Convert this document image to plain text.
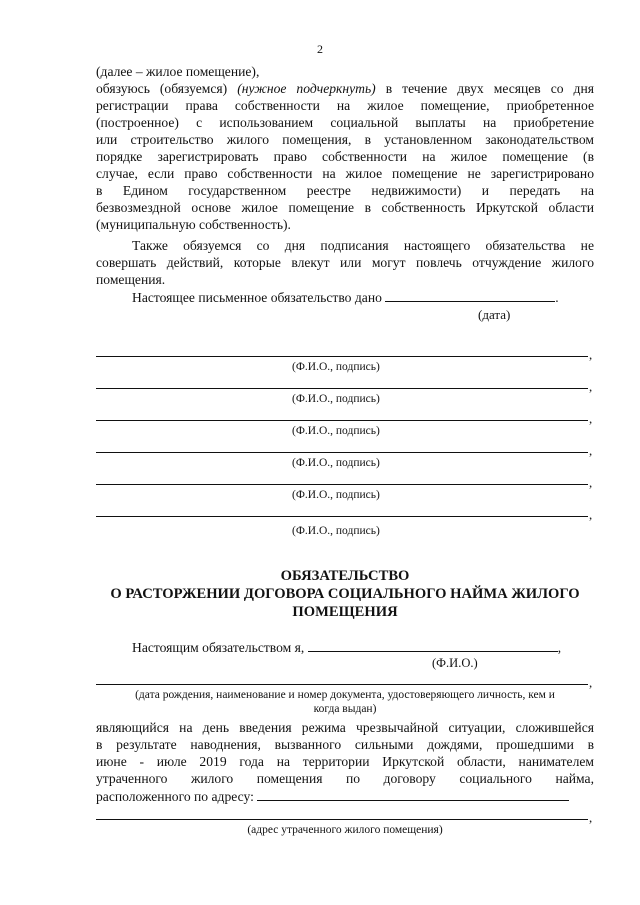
2
(далее – жилое помещение),
обязуюсь (обязуемся) (нужное подчеркнуть) в течение двух месяцев со дня
регистрации права собственности на жилое помещение, приобретенное
(построенное) с использованием социальной выплаты на приобретение
или строительство жилого помещения, в установленном законодательством
порядке зарегистрировать право собственности на жилое помещение (в
случае, если право собственности на жилое помещение не зарегистрировано
в Едином государственном реестре недвижимости) и передать на
безвозмездной основе жилое помещение в собственность Иркутской области
(муниципальную собственность).
Также обязуемся со дня подписания настоящего обязательства не
совершать действий, которые влекут или могут повлечь отчуждение жилого
помещения.
Настоящее письменное обязательство дано	.
(дата)
,
(Ф.И.О., подпись)
,
(Ф.И.О., подпись)
,
(Ф.И.О., подпись)
,
(Ф.И.О., подпись)
,
(Ф.И.О., подпись)
,
(Ф.И.О., подпись)
ОБЯЗАТЕЛЬСТВО
О РАСТОРЖЕНИИ ДОГОВОРА СОЦИАЛЬНОГО НАЙМА ЖИЛОГО
ПОМЕЩЕНИЯ
Настоящим обязательством я,	,
(Ф.И.О.)
,
(дата рождения, наименование и номер документа, удостоверяющего личность, кем и
когда выдан)
являющийся на день введения режима чрезвычайной ситуации, сложившейся
в результате наводнения, вызванного сильными дождями, прошедшими в
июне - июле 2019 года на территории Иркутской области, нанимателем
утраченного жилого помещения по договору социального найма,
расположенного по адресу:
,
(адрес утраченного жилого помещения)
